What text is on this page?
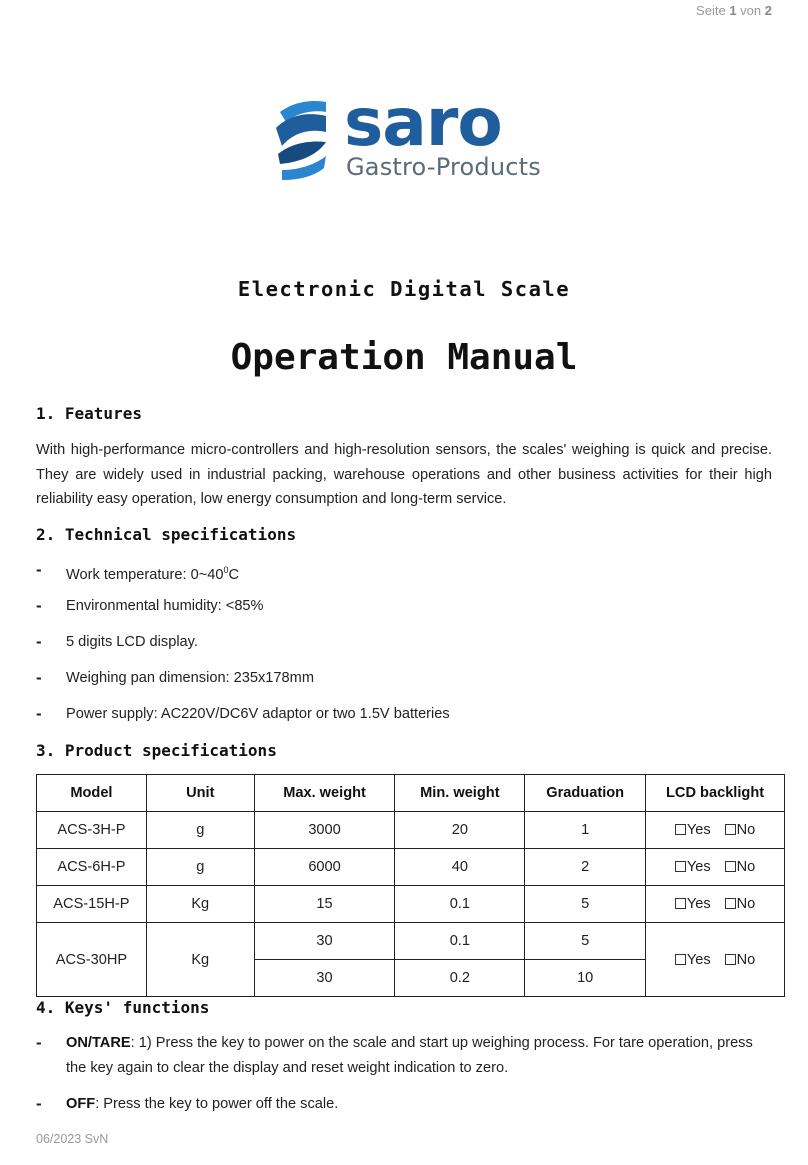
Seite 1 von 2
saro
Gastro-Products
Electronic Digital Scale
Operation Manual
1. Features
With high-performance micro-controllers and high-resolution sensors, the scales' weighing is quick and precise. They are widely used in industrial packing, warehouse operations and other business activities for their high reliability easy operation, low energy consumption and long-term service.
2. Technical specifications
- Work temperature: $0\sim 40^0C$
- Environmental humidity: <85%
- 5 digits LCD display.
- Weighing pan dimension: 235x178mm
- Power supply: AC220V/DC6V adaptor or two 1.5V batteries
3. Product specifications
Model	Unit	Max. weight	Min. weight	Graduation	LCD backlight
ACS-3H-P	g	3000	20	1	Yes No
ACS-6H-P	g	6000	40	2	Yes No
ACS-15H-P	Kg	15	0.1	5	Yes No
ACS-30HP	Kg	30	0.1	5	Yes No
		30	0.2	10	
4. Keys' functions
- ON/TARE: 1) Press the key to power on the scale and start up weighing process. For tare operation, press the key again to clear the display and reset weight indication to zero.
- OFF: Press the key to power off the scale.
06/2023 SvN
